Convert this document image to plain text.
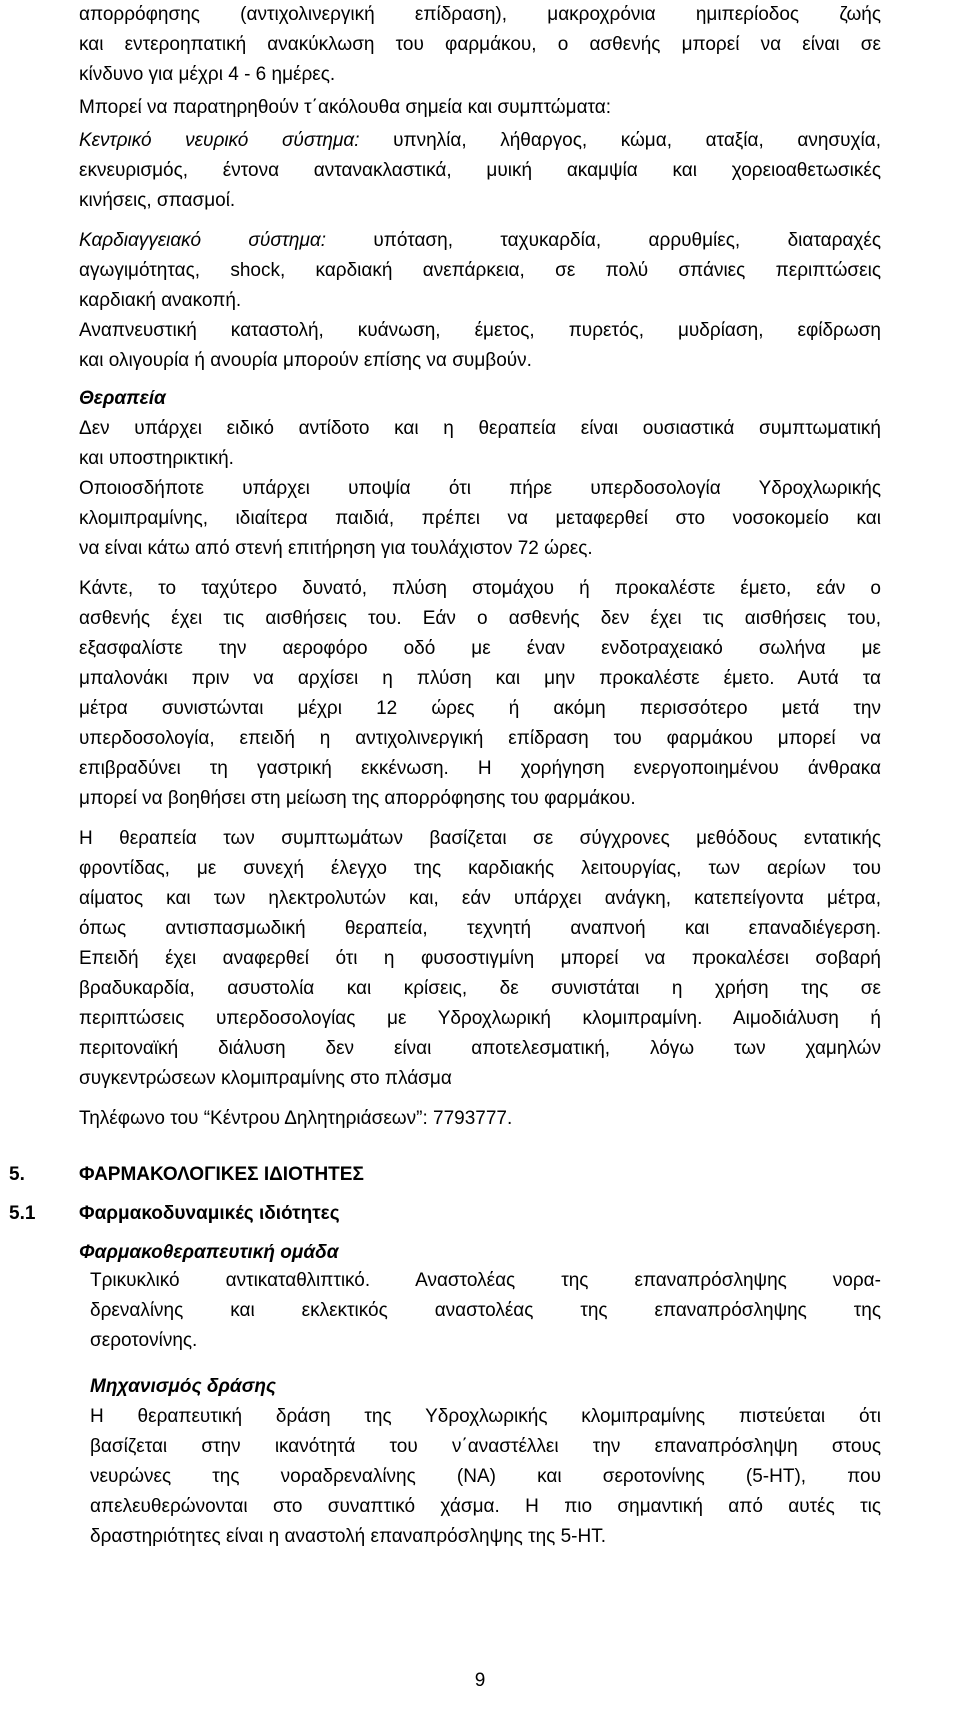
απορρόφησης (αντιχολινεργική επίδραση), μακροχρόνια ημιπερίοδος ζωής
και εντεροηπατική ανακύκλωση του φαρμάκου, ο ασθενής μπορεί να είναι σε
κίνδυνο για μέχρι 4 - 6 ημέρες.
Μπορεί να παρατηρηθούν τ΄ακόλουθα σημεία και συμπτώματα:
Κεντρικό νευρικό σύστημα: υπνηλία, λήθαργος, κώμα, αταξία, ανησυχία,
εκνευρισμός, έντονα αντανακλαστικά, μυική ακαμψία και χορειοαθετωσικές
κινήσεις, σπασμοί.
Καρδιαγγειακό σύστημα: υπόταση, ταχυκαρδία, αρρυθμίες, διαταραχές
αγωγιμότητας, shock, καρδιακή ανεπάρκεια, σε πολύ σπάνιες περιπτώσεις
καρδιακή ανακοπή.
Αναπνευστική καταστολή, κυάνωση, έμετος, πυρετός, μυδρίαση, εφίδρωση
και ολιγουρία ή ανουρία μπορούν επίσης να συμβούν.
Θεραπεία
Δεν υπάρχει ειδικό αντίδοτο και η θεραπεία είναι ουσιαστικά συμπτωματική
και υποστηρικτική.
Οποιοσδήποτε υπάρχει υποψία ότι πήρε υπερδοσολογία Υδροχλωρικής
κλομιπραμίνης, ιδιαίτερα παιδιά, πρέπει να μεταφερθεί στο νοσοκομείο και
να είναι κάτω από στενή επιτήρηση για τουλάχιστον 72 ώρες.
Κάντε, το ταχύτερο δυνατό, πλύση στομάχου ή προκαλέστε έμετο, εάν ο
ασθενής έχει τις αισθήσεις του. Εάν ο ασθενής δεν έχει τις αισθήσεις του,
εξασφαλίστε την αεροφόρο οδό με έναν ενδοτραχειακό σωλήνα με
μπαλονάκι πριν να αρχίσει η πλύση και μην προκαλέστε έμετο. Αυτά τα
μέτρα συνιστώνται μέχρι 12 ώρες ή ακόμη περισσότερο μετά την
υπερδοσολογία, επειδή η αντιχολινεργική επίδραση του φαρμάκου μπορεί να
επιβραδύνει τη γαστρική εκκένωση. Η χορήγηση ενεργοποιημένου άνθρακα
μπορεί να βοηθήσει στη μείωση της απορρόφησης του φαρμάκου.
Η θεραπεία των συμπτωμάτων βασίζεται σε σύγχρονες μεθόδους εντατικής
φροντίδας, με συνεχή έλεγχο της καρδιακής λειτουργίας, των αερίων του
αίματος και των ηλεκτρολυτών και, εάν υπάρχει ανάγκη, κατεπείγοντα μέτρα,
όπως αντισπασμωδική θεραπεία, τεχνητή αναπνοή και επαναδιέγερση.
Επειδή έχει αναφερθεί ότι η φυσοστιγμίνη μπορεί να προκαλέσει σοβαρή
βραδυκαρδία, ασυστολία και κρίσεις, δε συνιστάται η χρήση της σε
περιπτώσεις υπερδοσολογίας με Υδροχλωρική κλομιπραμίνη. Αιμοδιάλυση ή
περιτοναϊκή διάλυση δεν είναι αποτελεσματική, λόγω των χαμηλών
συγκεντρώσεων κλομιπραμίνης στο πλάσμα
Τηλέφωνο του “Κέντρου Δηλητηριάσεων”: 7793777.
5.	ΦΑΡΜΑΚΟΛΟΓΙΚΕΣ ΙΔΙΟΤΗΤΕΣ
5.1 Φαρμακοδυναμικές ιδιότητες
Φαρμακοθεραπευτική ομάδα
Τρικυκλικό αντικαταθλιπτικό. Αναστολέας της επαναπρόσληψης νορα-
δρεναλίνης και εκλεκτικός αναστολέας της επαναπρόσληψης της
σεροτονίνης.
Μηχανισμός δράσης
Η θεραπευτική δράση της Υδροχλωρικής κλομιπραμίνης πιστεύεται ότι
βασίζεται στην ικανότητά του ν΄αναστέλλει την επαναπρόσληψη στους
νευρώνες της νοραδρεναλίνης (ΝΑ) και σεροτονίνης (5-ΗΤ), που
απελευθερώνονται στο συναπτικό χάσμα. Η πιο σημαντική από αυτές τις
δραστηριότητες είναι η αναστολή επαναπρόσληψης της 5-ΗΤ.
9
